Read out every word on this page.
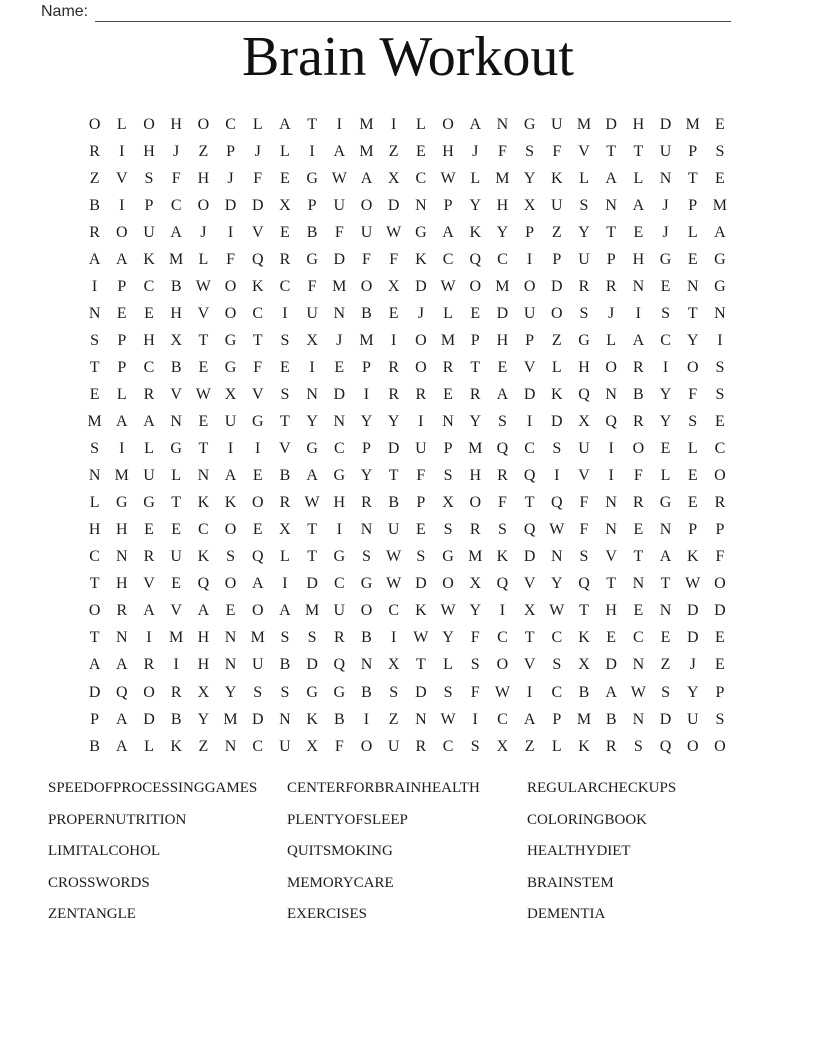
Name:
Brain Workout
O	L	O H O	C	L	A	T	I	M	I	L	O A N G U M D H D M E
R	I	H	J	Z	P	J	L	I	A M Z	E	H	J	F	S	F	V	T	T	U	P	S
Z	V	S	F	H	J	F	E	G W A X	C W L M Y K	L	A	L	N	T	E
B	I	P	C	O D D X	P	U O D N	P	Y H X U	S	N A	J	P M
R	O U A	J	I	V	E	B	F	U W G A K Y	P	Z	Y	T	E	J	L	A
A A K M L	F	Q	R	G D	F	F	K	C	Q	C	I	P	U	P	H G	E	G
I	P	C	B W O K	C	F M O X D W O M O D	R	R	N	E	N G
N	E	E	H V O	C	I	U N	B	E	J	L	E	D U O	S	J	I	S	T	N
S	P	H X	T	G	T	S	X	J	M	I	O M P	H	P	Z	G	L	A	C	Y	I
T	P	C	B	E	G	F	E	I	E	P	R	O	R	T	E	V	L	H O	R	I	O	S
E	L	R	V W X V	S	N D	I	R	R	E	R	A D K Q N	B	Y	F	S
M A A N	E	U G	T	Y N Y Y	I	N Y	S	I	D X Q	R	Y	S	E
S	I	L	G	T	I	I	V G	C	P	D U	P M Q	C	S	U	I	O	E	L	C
N M U	L	N A	E	B	A G Y	T	F	S	H	R	Q	I	V	I	F	L	E	O
L	G G	T	K K O	R W H	R	B	P	X O	F	T	Q	F	N	R	G	E	R
H H	E	E	C	O	E	X	T	I	N U	E	S	R	S	Q W F	N	E	N	P	P
C	N	R	U K	S	Q	L	T	G	S W S	G M K D N	S	V	T	A K	F
T	H V	E	Q O A	I	D	C	G W D O X Q V Y Q	T	N	T W O
O	R	A V A	E	O A M U O	C	K W Y	I	X W T	H	E	N D D
T	N	I	M H N M S	S	R	B	I	W Y	F	C	T	C	K	E	C	E	D	E
A A	R	I	H N U	B	D Q N X	T	L	S	O V	S	X D N	Z	J	E
D Q O	R	X Y	S	S	G G	B	S	D	S	F W	I	C	B	A W S	Y	P
P	A D	B	Y M D N K	B	I	Z	N W	I	C	A	P M B	N D U	S
B	A	L	K	Z	N	C	U X	F	O U	R	C	S	X	Z	L	K	R	S	Q O O
SPEEDOFPROCESSINGGAMES
PROPERNUTRITION
LIMITALCOHOL
CROSSWORDS
ZENTANGLE
CENTERFORBRAINHEALTH
PLENTYOFSLEEP
QUITSMOKING
MEMORYCARE
EXERCISES
REGULARCHECKUPS
COLORINGBOOK
HEALTHYDIET
BRAINSTEM
DEMENTIA
